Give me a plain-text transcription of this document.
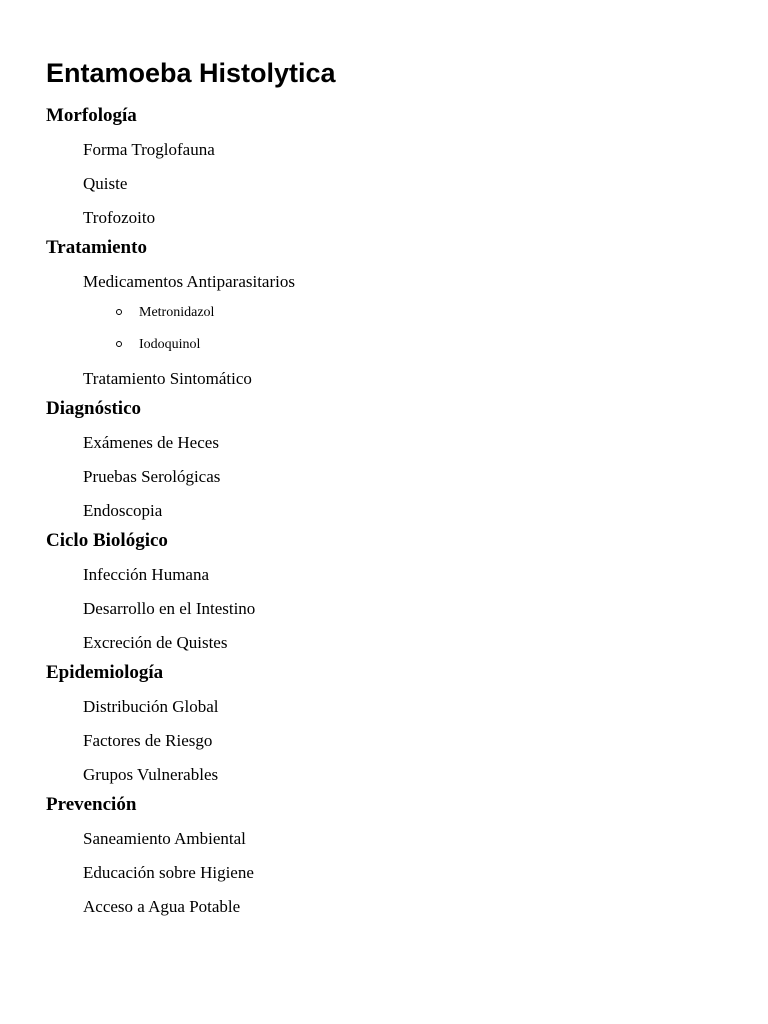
Entamoeba Histolytica
Morfología
Forma Troglofauna
Quiste
Trofozoito
Tratamiento
Medicamentos Antiparasitarios
Metronidazol
Iodoquinol
Tratamiento Sintomático
Diagnóstico
Exámenes de Heces
Pruebas Serológicas
Endoscopia
Ciclo Biológico
Infección Humana
Desarrollo en el Intestino
Excreción de Quistes
Epidemiología
Distribución Global
Factores de Riesgo
Grupos Vulnerables
Prevención
Saneamiento Ambiental
Educación sobre Higiene
Acceso a Agua Potable
